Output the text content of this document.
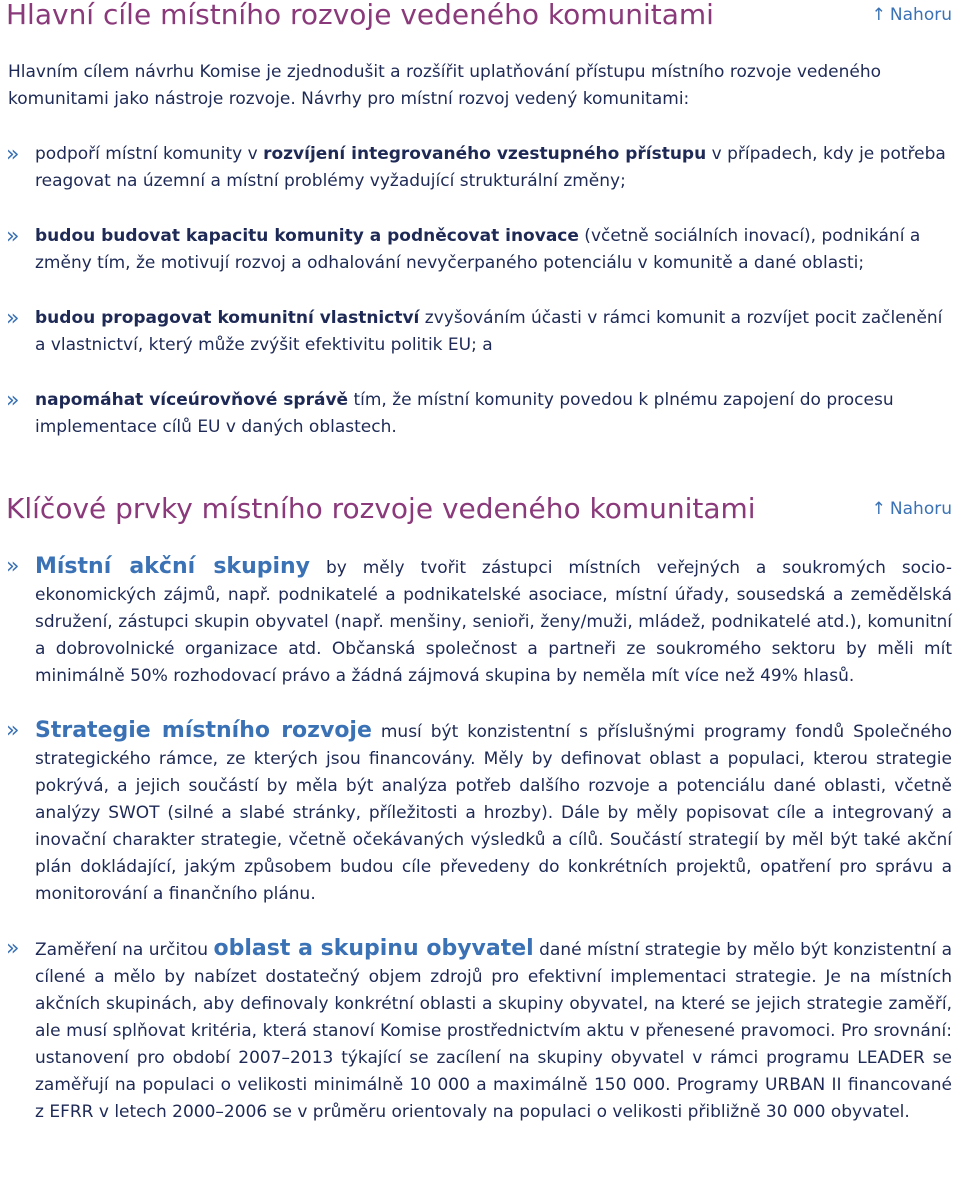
Hlavní cíle místního rozvoje vedeného komunitami	↑ Nahoru

Hlavním cílem návrhu Komise je zjednodušit a rozšířit uplatňování přístupu místního rozvoje vedeného komunitami jako nástroje rozvoje. Návrhy pro místní rozvoj vedený komunitami:

» podpoří místní komunity v rozvíjení integrovaného vzestupného přístupu v případech, kdy je potřeba reagovat na územní a místní problémy vyžadující strukturální změny;

» budou budovat kapacitu komunity a podněcovat inovace (včetně sociálních inovací), podnikání a změny tím, že motivují rozvoj a odhalování nevyčerpaného potenciálu v komunitě a dané oblasti;

» budou propagovat komunitní vlastnictví zvyšováním účasti v rámci komunit a rozvíjet pocit začlenění a vlastnictví, který může zvýšit efektivitu politik EU; a

» napomáhat víceúrovňové správě tím, že místní komunity povedou k plnému zapojení do procesu implementace cílů EU v daných oblastech.

Klíčové prvky místního rozvoje vedeného komunitami	↑ Nahoru

» Místní akční skupiny by měly tvořit zástupci místních veřejných a soukromých socio-ekonomických zájmů, např. podnikatelé a podnikatelské asociace, místní úřady, sousedská a zemědělská sdružení, zástupci skupin obyvatel (např. menšiny, senioři, ženy/muži, mládež, podnikatelé atd.), komunitní a dobrovolnické organizace atd. Občanská společnost a partneři ze soukromého sektoru by měli mít minimálně 50% rozhodovací právo a žádná zájmová skupina by neměla mít více než 49% hlasů.

» Strategie místního rozvoje musí být konzistentní s příslušnými programy fondů Společného strategického rámce, ze kterých jsou financovány. Měly by definovat oblast a populaci, kterou strategie pokrývá, a jejich součástí by měla být analýza potřeb dalšího rozvoje a potenciálu dané oblasti, včetně analýzy SWOT (silné a slabé stránky, příležitosti a hrozby). Dále by měly popisovat cíle a integrovaný a inovační charakter strategie, včetně očekávaných výsledků a cílů. Součástí strategií by měl být také akční plán dokládající, jakým způsobem budou cíle převedeny do konkrétních projektů, opatření pro správu a monitorování a finančního plánu.

» Zaměření na určitou oblast a skupinu obyvatel dané místní strategie by mělo být konzistentní a cílené a mělo by nabízet dostatečný objem zdrojů pro efektivní implementaci strategie. Je na místních akčních skupinách, aby definovaly konkrétní oblasti a skupiny obyvatel, na které se jejich strategie zaměří, ale musí splňovat kritéria, která stanoví Komise prostřednictvím aktu v přenesené pravomoci. Pro srovnání: ustanovení pro období 2007–2013 týkající se zacílení na skupiny obyvatel v rámci programu LEADER se zaměřují na populaci o velikosti minimálně 10 000 a maximálně 150 000. Programy URBAN II financované z EFRR v letech 2000–2006 se v průměru orientovaly na populaci o velikosti přibližně 30 000 obyvatel.
